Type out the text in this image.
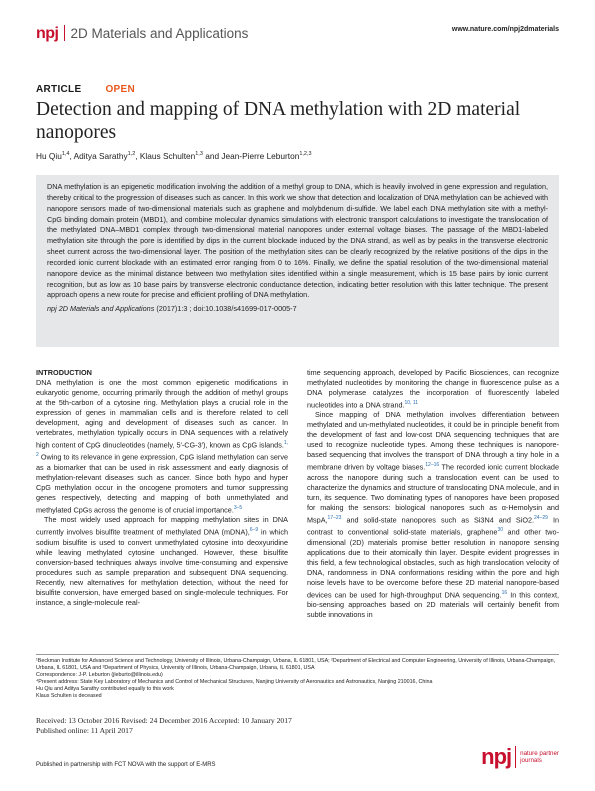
npj 2D Materials and Applications	www.nature.com/npj2dmaterials
ARTICLE OPEN
Detection and mapping of DNA methylation with 2D material nanopores
Hu Qiu$^{1,4}$, Aditya Sarathy$^{1,2}$, Klaus Schulten$^{1,3}$ and Jean-Pierre Leburton$^{1,2,3}$

DNA methylation is an epigenetic modification involving the addition of a methyl group to DNA, which is heavily involved in gene expression and regulation, thereby critical to the progression of diseases such as cancer. In this work we show that detection and localization of DNA methylation can be achieved with nanopore sensors made of two-dimensional materials such as graphene and molybdenum di-sulfide. We label each DNA methylation site with a methyl-CpG binding domain protein (MBD1), and combine molecular dynamics simulations with electronic transport calculations to investigate the translocation of the methylated DNA–MBD1 complex through two-dimensional material nanopores under external voltage biases. The passage of the MBD1-labeled methylation site through the pore is identified by dips in the current blockade induced by the DNA strand, as well as by peaks in the transverse electronic sheet current across the two-dimensional layer. The position of the methylation sites can be clearly recognized by the relative positions of the dips in the recorded ionic current blockade with an estimated error ranging from 0 to 16%. Finally, we define the spatial resolution of the two-dimensional material nanopore device as the minimal distance between two methylation sites identified within a single measurement, which is 15 base pairs by ionic current recognition, but as low as 10 base pairs by transverse electronic conductance detection, indicating better resolution with this latter technique. The present approach opens a new route for precise and efficient profiling of DNA methylation.

npj 2D Materials and Applications (2017)1:3 ; doi:10.1038/s41699-017-0005-7

INTRODUCTION

DNA methylation is one the most common epigenetic modifications in eukaryotic genome, occurring primarily through the addition of methyl groups at the 5th-carbon of a cytosine ring. Methylation plays a crucial role in the expression of genes in mammalian cells and is therefore related to cell development, aging and development of diseases such as cancer. In vertebrates, methylation typically occurs in DNA sequences with a relatively high content of CpG dinucleotides (namely, 5′-CG-3′), known as CpG islands.$^{1, 2}$ Owing to its relevance in gene expression, CpG island methylation can serve as a biomarker that can be used in risk assessment and early diagnosis of methylation-relevant diseases such as cancer. Since both hypo and hyper CpG methylation occur in the oncogene promoters and tumor suppressing genes respectively, detecting and mapping of both unmethylated and methylated CpGs across the genome is of crucial importance.$^{3-5}$

The most widely used approach for mapping methylation sites in DNA currently involves bisulfite treatment of methylated DNA (mDNA),$^{6-9}$ in which sodium bisulfite is used to convert unmethylated cytosine into deoxyuridine while leaving methylated cytosine unchanged. However, these bisulfite conversion-based techniques always involve time-consuming and expensive procedures such as sample preparation and subsequent DNA sequencing. Recently, new alternatives for methylation detection, without the need for bisulfite conversion, have emerged based on single-molecule techniques. For instance, a single-molecule real-

time sequencing approach, developed by Pacific Biosciences, can recognize methylated nucleotides by monitoring the change in fluorescence pulse as a DNA polymerase catalyzes the incorporation of fluorescently labeled nucleotides into a DNA strand.$^{10, 11}$

Since mapping of DNA methylation involves differentiation between methylated and un-methylated nucleotides, it could be in principle benefit from the development of fast and low-cost DNA sequencing techniques that are used to recognize nucleotide types. Among these techniques is nanopore-based sequencing that involves the transport of DNA through a tiny hole in a membrane driven by voltage biases.$^{12-16}$ The recorded ionic current blockade across the nanopore during such a translocation event can be used to characterize the dynamics and structure of translocating DNA molecule, and in turn, its sequence. Two dominating types of nanopores have been proposed for making the sensors: biological nanopores such as α-Hemolysin and MspA,$^{17-23}$ and solid-state nanopores such as Si3N4 and SiO2.$^{24-29}$ In contrast to conventional solid-state materials, graphene$^{30}$ and other two-dimensional (2D) materials promise better resolution in nanopore sensing applications due to their atomically thin layer. Despite evident progresses in this field, a few technological obstacles, such as high translocation velocity of DNA, randomness in DNA conformations residing within the pore and high noise levels have to be overcome before these 2D material nanopore-based devices can be used for high-throughput DNA sequencing.$^{16}$ In this context, bio-sensing approaches based on 2D materials will certainly benefit from subtle innovations in

¹Beckman Institute for Advanced Science and Technology, University of Illinois, Urbana-Champaign, Urbana, IL 61801, USA; ²Department of Electrical and Computer Engineering, University of Illinois, Urbana-Champaign, Urbana, IL 61801, USA and ³Department of Physics, University of Illinois, Urbana-Champaign, Urbana, IL 61801, USA

Correspondence: J-P. Leburton (jleburto@illinois.edu)

⁴Present address: State Key Laboratory of Mechanics and Control of Mechanical Structures, Nanjing University of Aeronautics and Astronautics, Nanjing 210016, China

Hu Qiu and Aditya Sarathy contributed equally to this work

Klaus Schulten is deceased

Received: 13 October 2016 Revised: 24 December 2016 Accepted: 10 January 2017

Published online: 11 April 2017

Published in partnership with FCT NOVA with the support of E-MRS	npj nature partner
journals
